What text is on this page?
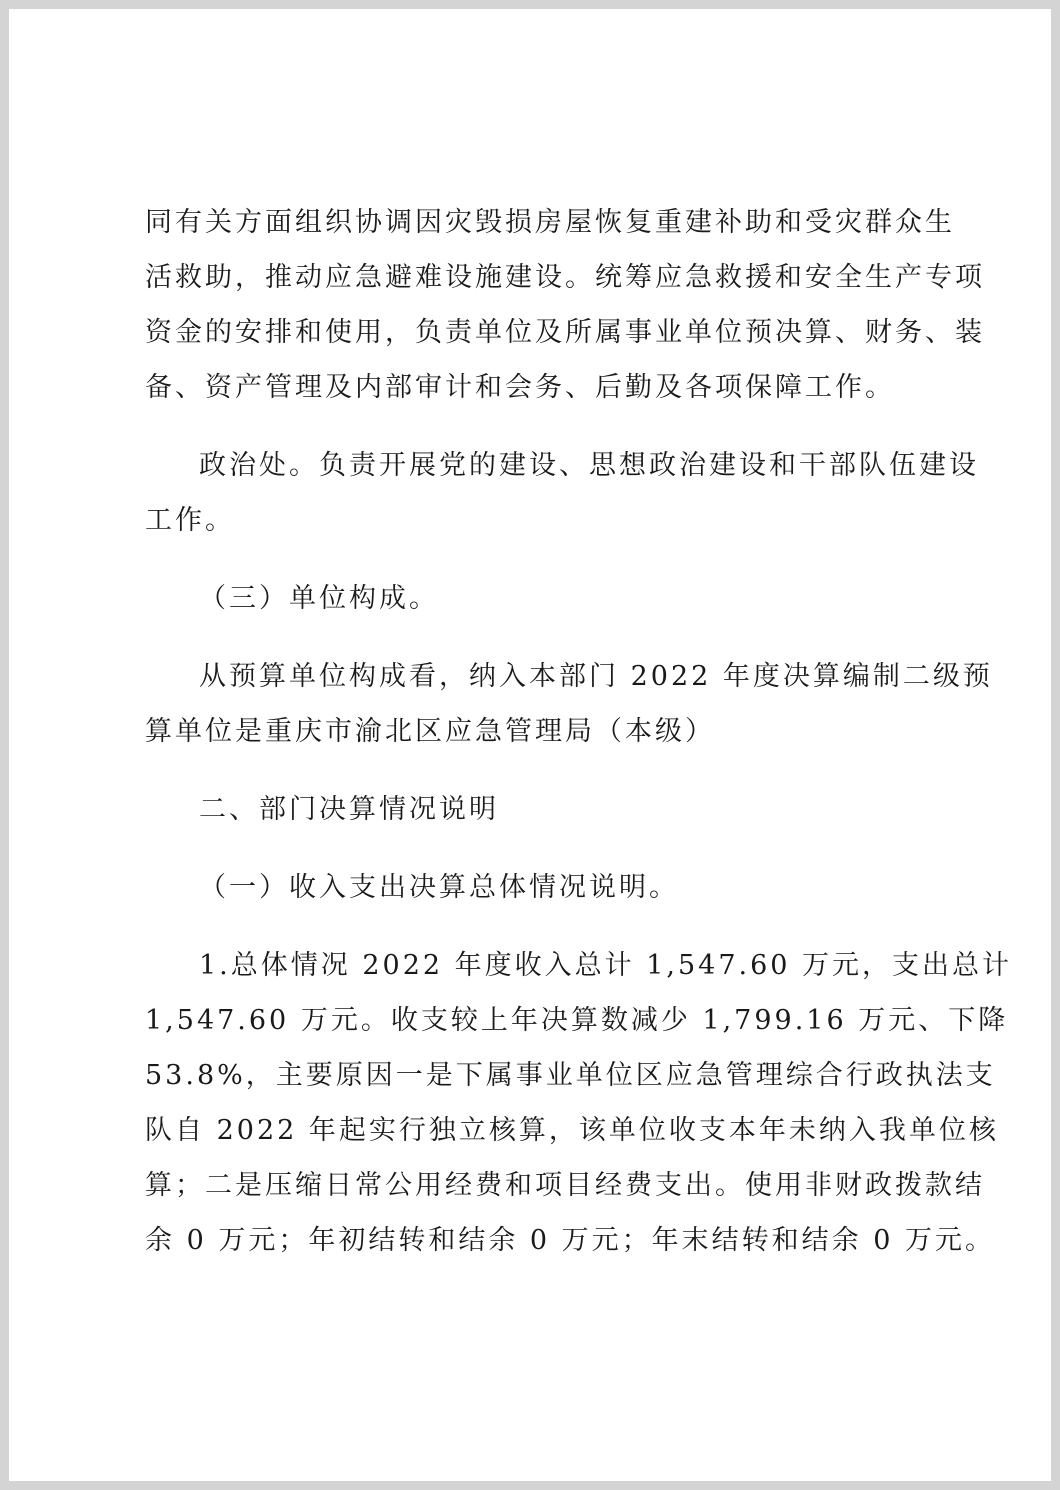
同有关方面组织协调因灾毁损房屋恢复重建补助和受灾群众生

活救助，推动应急避难设施建设。统筹应急救援和安全生产专项

资金的安排和使用，负责单位及所属事业单位预决算、财务、装

备、资产管理及内部审计和会务、后勤及各项保障工作。

政治处。负责开展党的建设、思想政治建设和干部队伍建设

工作。

（三）单位构成。

从预算单位构成看，纳入本部门 2022 年度决算编制二级预

算单位是重庆市渝北区应急管理局（本级）

二、部门决算情况说明

（一）收入支出决算总体情况说明。

1.总体情况 2022 年度收入总计 1,547.60 万元，支出总计

1,547.60 万元。收支较上年决算数减少 1,799.16 万元、下降

53.8%，主要原因一是下属事业单位区应急管理综合行政执法支

队自 2022 年起实行独立核算，该单位收支本年未纳入我单位核

算；二是压缩日常公用经费和项目经费支出。使用非财政拨款结

余 0 万元；年初结转和结余 0 万元；年末结转和结余 0 万元。
